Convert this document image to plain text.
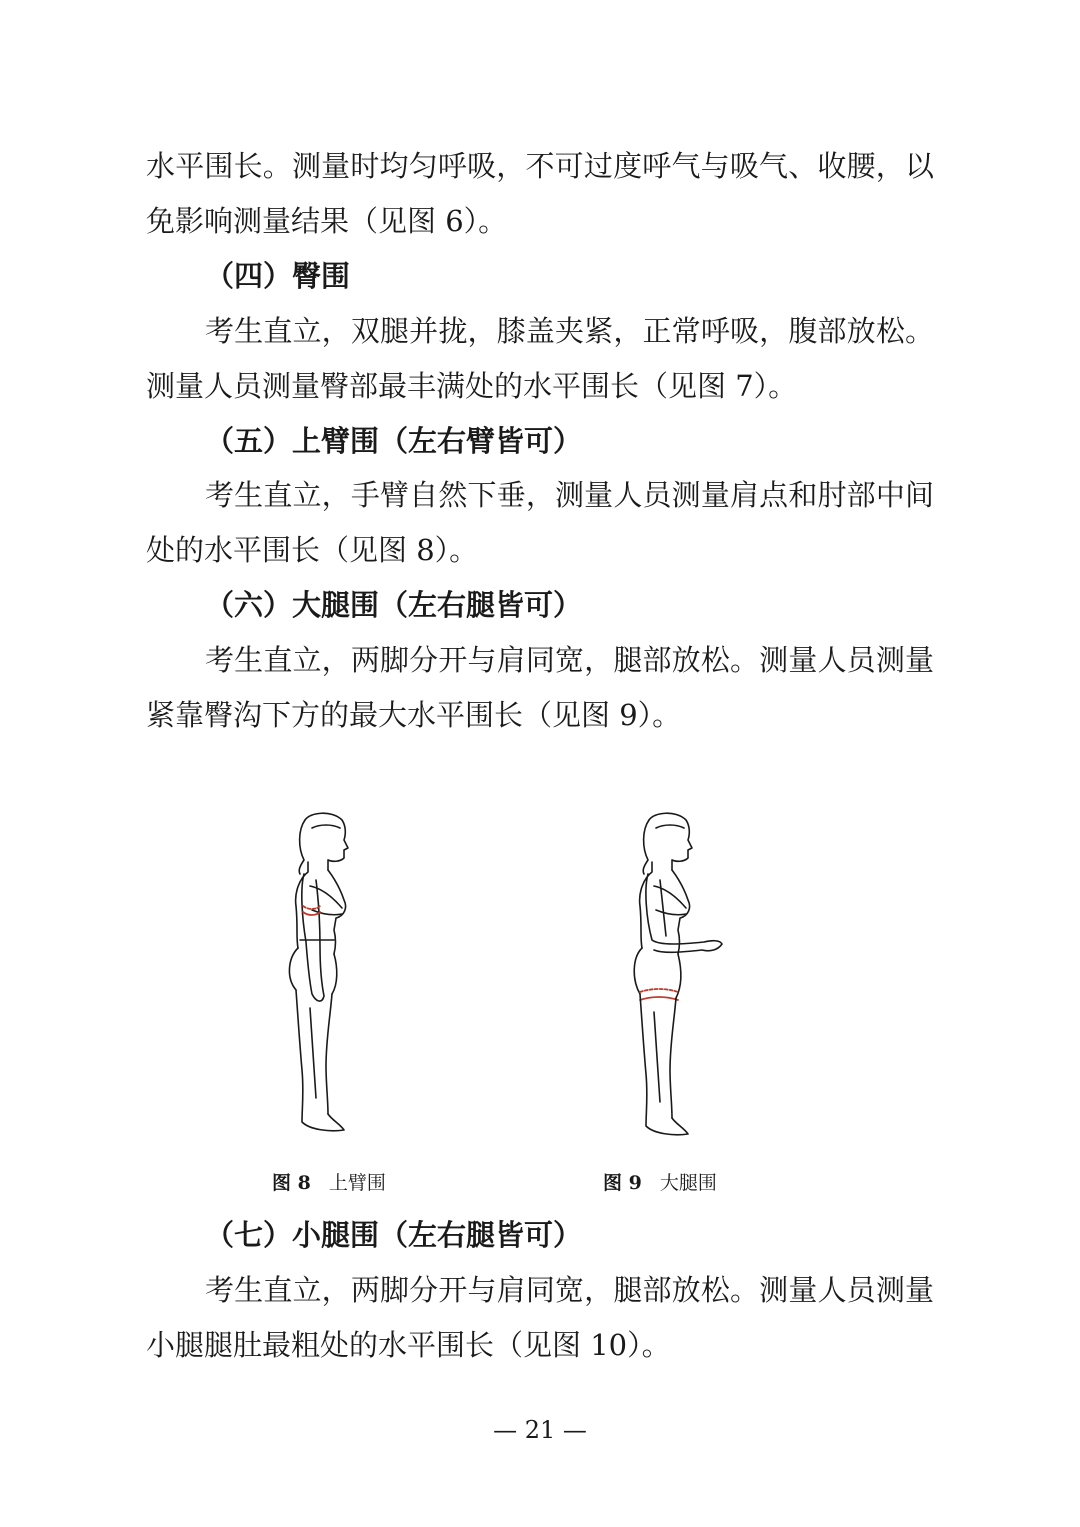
水平围长。测量时均匀呼吸，不可过度呼气与吸气、收腰，以
免影响测量结果（见图 6）。
（四）臀围
考生直立，双腿并拢，膝盖夹紧，正常呼吸，腹部放松。
测量人员测量臀部最丰满处的水平围长（见图 7）。
（五）上臂围（左右臂皆可）
考生直立，手臂自然下垂，测量人员测量肩点和肘部中间
处的水平围长（见图 8）。
（六）大腿围（左右腿皆可）
考生直立，两脚分开与肩同宽，腿部放松。测量人员测量
紧靠臀沟下方的最大水平围长（见图 9）。
图 8 上臂围	图 9 大腿围
（七）小腿围（左右腿皆可）
考生直立，两脚分开与肩同宽，腿部放松。测量人员测量
小腿腿肚最粗处的水平围长（见图 10）。
— 21 —
